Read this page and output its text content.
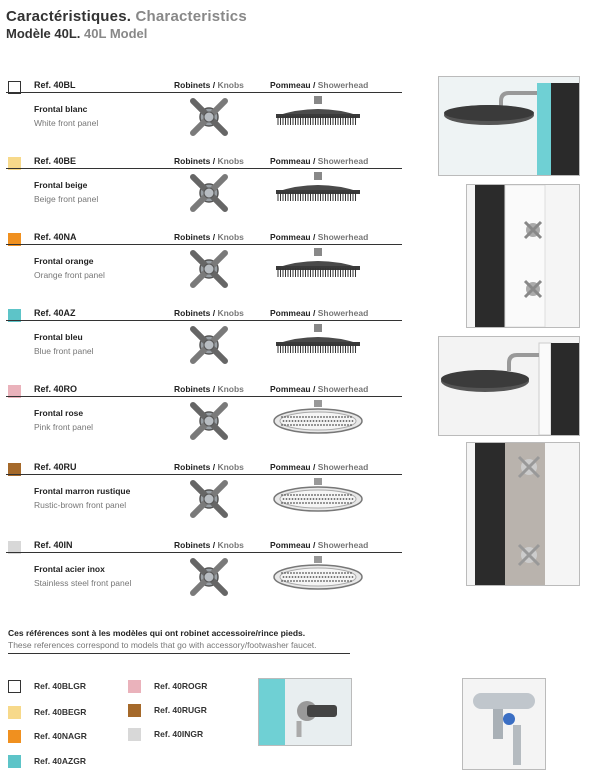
Caractéristiques. Characteristics
Modèle 40L. 40L Model
Ref. 40BL	Robinets / Knobs	Pommeau / Showerhead
Frontal blanc
White front panel
Ref. 40BE	Robinets / Knobs	Pommeau / Showerhead
Frontal beige
Beige front panel
Ref. 40NA	Robinets / Knobs	Pommeau / Showerhead
Frontal orange
Orange front panel
Ref. 40AZ	Robinets / Knobs	Pommeau / Showerhead
Frontal bleu
Blue front panel
Ref. 40RO	Robinets / Knobs	Pommeau / Showerhead
Frontal rose
Pink front panel
Ref. 40RU	Robinets / Knobs	Pommeau / Showerhead
Frontal marron rustique
Rustic-brown front panel
Ref. 40IN	Robinets / Knobs	Pommeau / Showerhead
Frontal acier inox
Stainless steel front panel
Ces références sont à les modèles qui ont robinet accessoire/rince pieds.
These references correspond to models that go with accessory/footwasher faucet.
Ref. 40BLGR
Ref. 40BEGR
Ref. 40NAGR
Ref. 40AZGR
Ref. 40ROGR
Ref. 40RUGR
Ref. 40INGR
